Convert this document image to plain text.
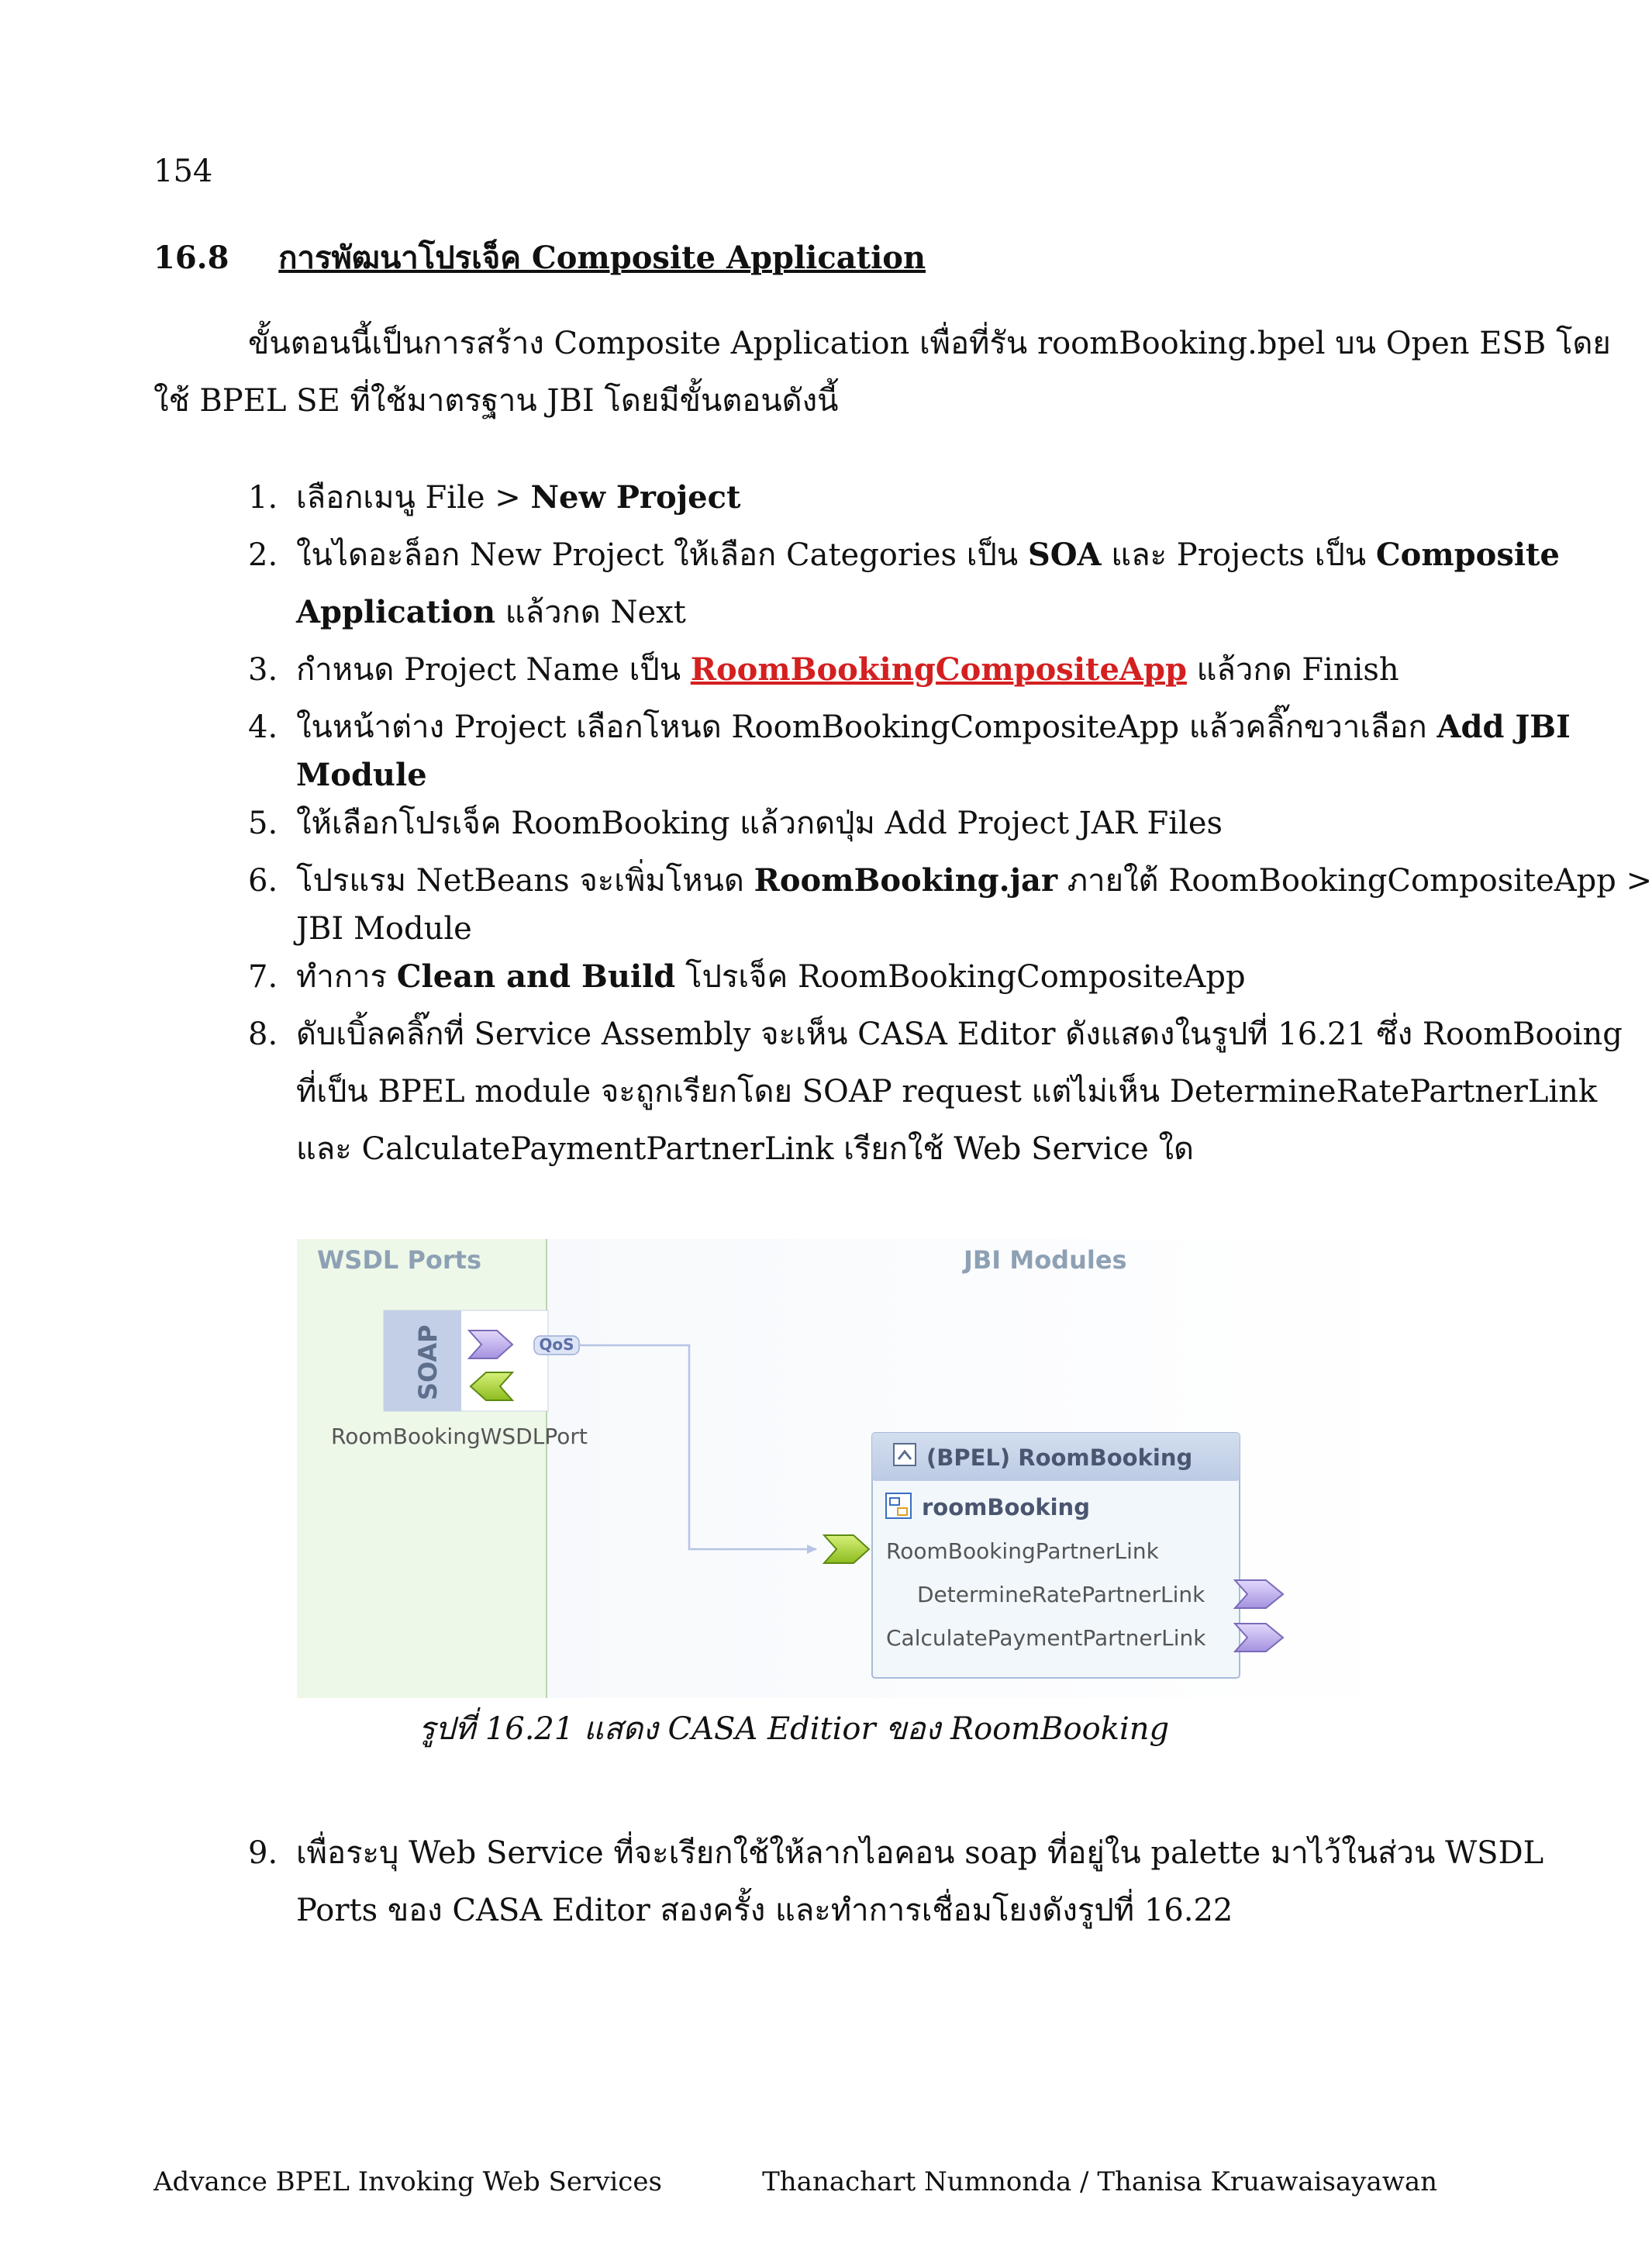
154
16.8 การพัฒนาโปรเจ็ค Composite Application
ขั้นตอนนี้เป็นการสร้าง Composite Application เพื่อที่รัน roomBooking.bpel บน Open ESB โดย
ใช้ BPEL SE ที่ใช้มาตรฐาน JBI โดยมีขั้นตอนดังนี้
1. เลือกเมนู File > New Project
2. ในไดอะล็อก New Project ให้เลือก Categories เป็น SOA และ Projects เป็น Composite
Application แล้วกด Next
3. กำหนด Project Name เป็น RoomBookingCompositeApp แล้วกด Finish
4. ในหน้าต่าง Project เลือกโหนด RoomBookingCompositeApp แล้วคลิ๊กขวาเลือก Add JBI
Module
5. ให้เลือกโปรเจ็ค RoomBooking แล้วกดปุ่ม Add Project JAR Files
6. โปรแรม NetBeans จะเพิ่มโหนด RoomBooking.jar ภายใต้ RoomBookingCompositeApp >
JBI Module
7. ทำการ Clean and Build โปรเจ็ค RoomBookingCompositeApp
8. ดับเบิ้ลคลิ๊กที่ Service Assembly จะเห็น CASA Editor ดังแสดงในรูปที่ 16.21 ซึ่ง RoomBooing
ที่เป็น BPEL module จะถูกเรียกโดย SOAP request แต่ไม่เห็น DetermineRatePartnerLink
และ CalculatePaymentPartnerLink เรียกใช้ Web Service ใด
WSDL Ports	JBI Modules
SOAP	QoS
RoomBookingWSDLPort
(BPEL) RoomBooking
roomBooking
RoomBookingPartnerLink
DetermineRatePartnerLink
CalculatePaymentPartnerLink
รูปที่ 16.21 แสดง CASA Editior ของ RoomBooking
9. เพื่อระบุ Web Service ที่จะเรียกใช้ให้ลากไอคอน soap ที่อยู่ใน palette มาไว้ในส่วน WSDL
Ports ของ CASA Editor สองครั้ง และทำการเชื่อมโยงดังรูปที่ 16.22
Advance BPEL Invoking Web Services	Thanachart Numnonda / Thanisa Kruawaisayawan
